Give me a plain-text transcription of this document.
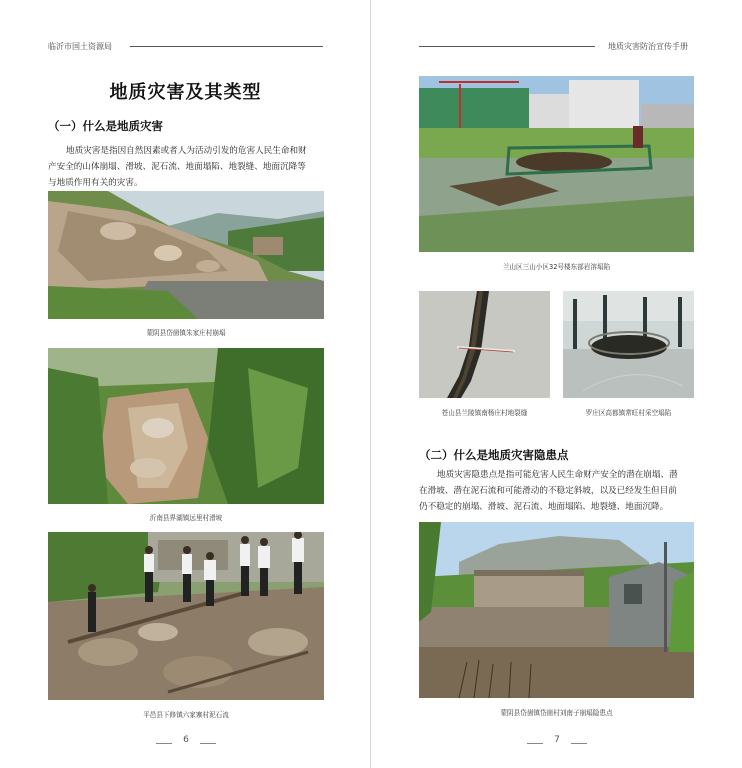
临沂市国土资源局
地质灾害及其类型
（一）什么是地质灾害
地质灾害是指因自然因素或者人为活动引发的危害人民生命和财
产安全的山体崩塌、滑坡、泥石流、地面塌陷、地裂缝、地面沉降等
与地质作用有关的灾害。
蒙阴县岱崮镇朱家庄村崩塌
沂南县界湖镇远里村滑坡
平邑县下修镇六家寨村泥石流
6
地质灾害防治宣传手册
兰山区三山小区32号楼东部岩溶塌陷
苍山县兰陵镇南杨庄村地裂缝	罗庄区高都镇常旺村采空塌陷
（二）什么是地质灾害隐患点
地质灾害隐患点是指可能危害人民生命财产安全的潜在崩塌、潜
在滑坡、潜在泥石流和可能滑动的不稳定斜坡，以及已经发生但目前
仍不稳定的崩塌、滑坡、泥石流、地面塌陷、地裂缝、地面沉降。
蒙阴县岱崮镇岱崮村刘南子崩塌隐患点
7
